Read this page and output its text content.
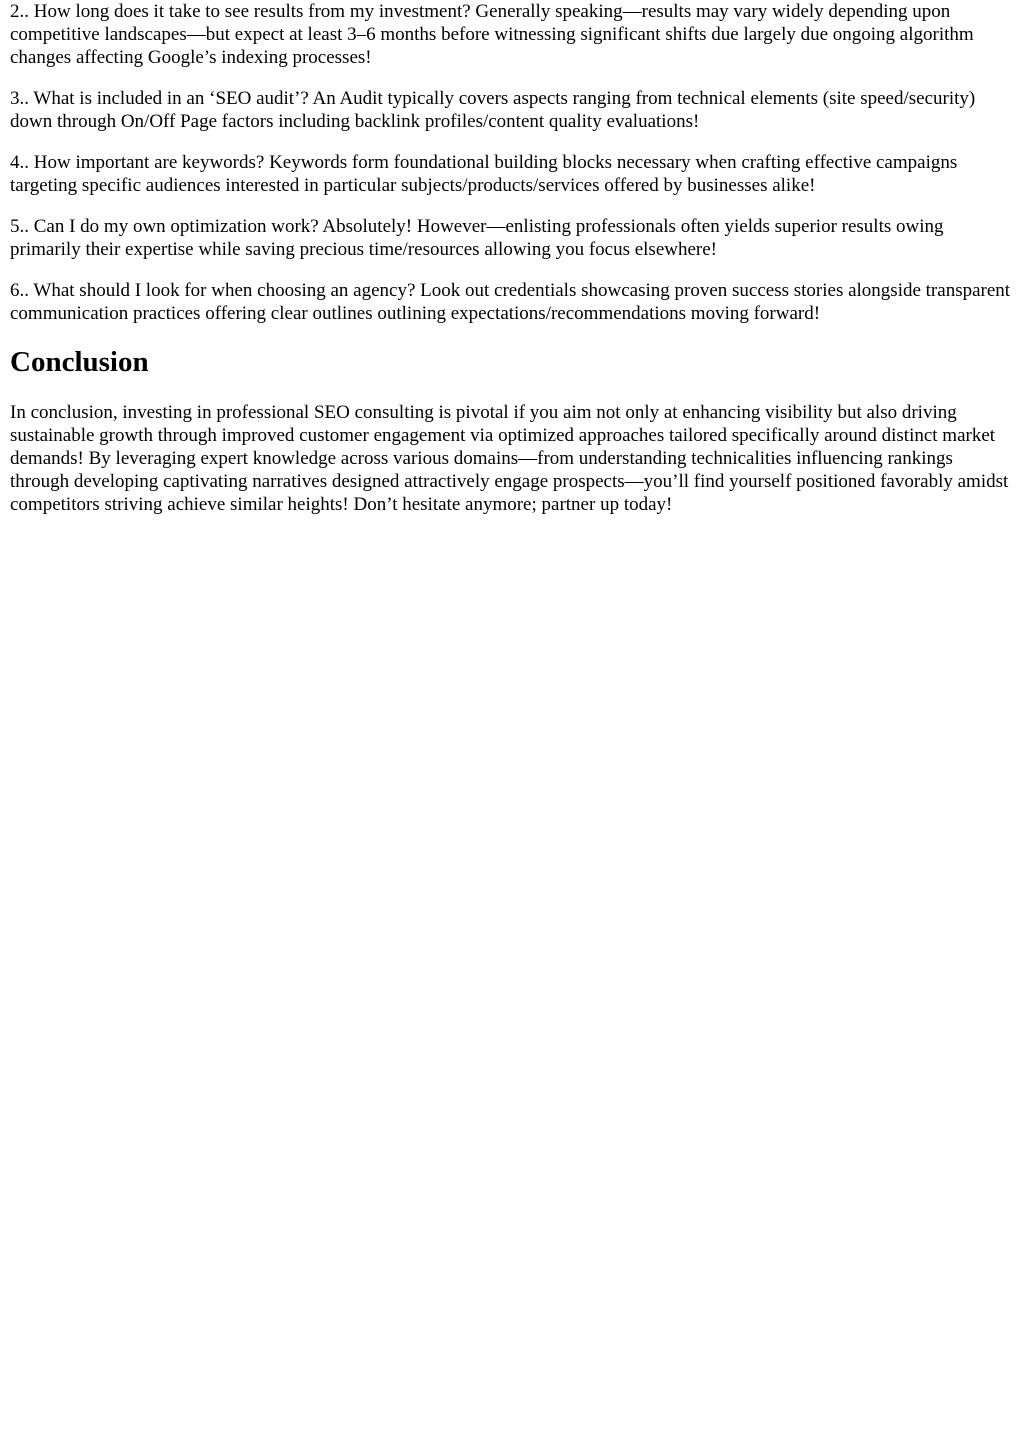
2.. How long does it take to see results from my investment? Generally speaking—results may vary widely depending upon competitive landscapes—but expect at least 3–6 months before witnessing significant shifts due largely due ongoing algorithm changes affecting Google’s indexing processes!

3.. What is included in an ‘SEO audit’? An Audit typically covers aspects ranging from technical elements (site speed/security) down through On/Off Page factors including backlink profiles/content quality evaluations!

4.. How important are keywords? Keywords form foundational building blocks necessary when crafting effective campaigns targeting specific audiences interested in particular subjects/products/services offered by businesses alike!

5.. Can I do my own optimization work? Absolutely! However—enlisting professionals often yields superior results owing primarily their expertise while saving precious time/resources allowing you focus elsewhere!

6.. What should I look for when choosing an agency? Look out credentials showcasing proven success stories alongside transparent communication practices offering clear outlines outlining expectations/recommendations moving forward!

Conclusion

In conclusion, investing in professional SEO consulting is pivotal if you aim not only at enhancing visibility but also driving sustainable growth through improved customer engagement via optimized approaches tailored specifically around distinct market demands! By leveraging expert knowledge across various domains—from understanding technicalities influencing rankings through developing captivating narratives designed attractively engage prospects—you’ll find yourself positioned favorably amidst competitors striving achieve similar heights! Don’t hesitate anymore; partner up today!
